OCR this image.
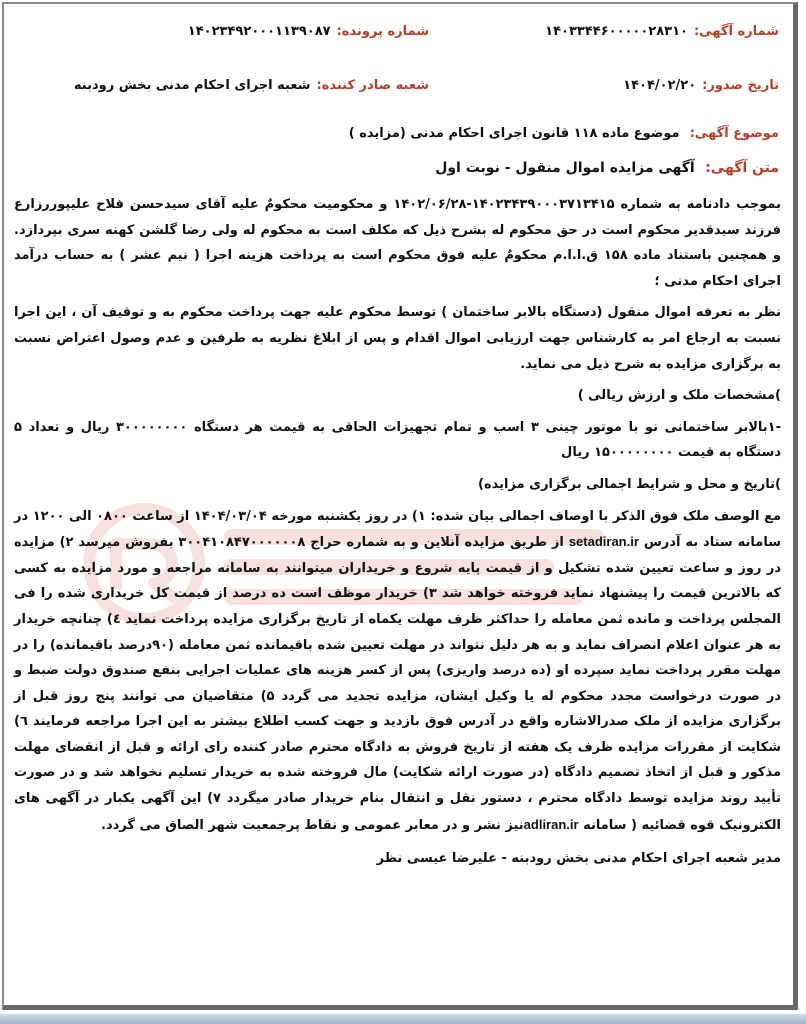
شماره آگهی:۱۴۰۳۳۴۴۶۰۰۰۰۰۲۸۳۱۰
شماره پرونده:۱۴۰۲۳۴۹۲۰۰۰۱۱۳۹۰۸۷
تاریخ صدور:۱۴۰۴/۰۲/۲۰
شعبه صادر کننده:شعبه اجرای احکام مدنی بخش رودبنه
موضوع آگهی: موضوع ماده ۱۱۸ قانون اجرای احکام مدنی (مزایده )
متن آگهی: آگهی مزایده اموال منقول - نوبت اول

بموجب دادنامه به شماره ۱۴۰۲۳۴۳۹۰۰۰۳۷۱۳۴۱۵-۱۴۰۲/۰۶/۲۸ و محکومیت محکومٌ علیه آقای سیدحسن فلاح علیپوررزارع فرزند سیدقدیر محکوم است در حق محکوم له بشرح ذیل که مکلف است به محکوم له ولی رضا گلشن کهنه سری بپردازد. و همچنین باستناد ماده ۱۵۸ ق.ا.ا.م محکومٌ علیه فوق محکوم است به پرداخت هزینه اجرا ( نیم عشر ) به حساب درآمد اجرای احکام مدنی ؛

نظر به تعرفه اموال منقول (دستگاه بالابر ساختمان ) توسط محکوم علیه جهت پرداخت محکوم به و توقیف آن ، این اجرا نسبت به ارجاع امر به کارشناس جهت ارزیابی اموال اقدام و پس از ابلاغ نظریه به طرفین و عدم وصول اعتراض نسبت به برگزاری مزایده به شرح ذیل می نماید.

)مشخصات ملک و ارزش ریالی )

-۱بالابر ساختمانی نو با موتور چینی ۳ اسب و تمام تجهیزات الحاقی به قیمت هر دستگاه ۳۰۰۰۰۰۰۰۰ ریال و تعداد ۵ دستگاه به قیمت ۱۵۰۰۰۰۰۰۰۰ ریال

)تاریخ و محل و شرایط اجمالی برگزاری مزایده)

مع الوصف ملک فوق الذکر با اوصاف اجمالی بیان شده: ۱) در روز یکشنبه مورخه ۱۴۰۴/۰۳/۰۴ از ساعت ۰۸۰۰ الی ۱۲۰۰ در سامانه ستاد به آدرس setadiran.ir از طریق مزایده آنلاین و به شماره حراج ۳۰۰۴۱۰۸۴۷۰۰۰۰۰۰۸ بفروش میرسد ۲) مزایده در روز و ساعت تعیین شده تشکیل و از قیمت پایه شروع و خریداران میتوانند به سامانه مراجعه و مورد مزایده به کسی که بالاترین قیمت را پیشنهاد نماید فروخته خواهد شد ۳) خریدار موظف است ده درصد از قیمت کل خریداری شده را فی المجلس پرداخت و مانده ثمن معامله را حداکثر ظرف مهلت یکماه از تاریخ برگزاری مزایده پرداخت نماید ٤) چنانچه خریدار به هر عنوان اعلام انصراف نماید و به هر دلیل نتواند در مهلت تعیین شده باقیمانده ثمن معامله (۹۰درصد باقیمانده) را در مهلت مقرر پرداخت نماید سپرده او (ده درصد واریزی) پس از کسر هزینه های عملیات اجرایی بنفع صندوق دولت ضبط و در صورت درخواست مجدد محکوم له یا وکیل ایشان، مزایده تجدید می گردد ۵) متقاضیان می توانند پنج روز قبل از برگزاری مزایده از ملک صدرالاشاره واقع در آدرس فوق بازدید و جهت کسب اطلاع بیشتر به این اجرا مراجعه فرمایند ٦) شکایت از مقررات مزایده ظرف یک هفته از تاریخ فروش به دادگاه محترم صادر کننده رای ارائه و قبل از انقضای مهلت مذکور و قبل از اتخاذ تصمیم دادگاه (در صورت ارائه شکایت) مال فروخته شده به خریدار تسلیم نخواهد شد و در صورت تأیید روند مزایده توسط دادگاه محترم ، دستور نقل و انتقال بنام خریدار صادر میگردد ۷) این آگهی یکبار در آگهی های الکترونیک قوه قضائیه ( سامانه adliran.irنیز نشر و در معابر عمومی و نقاط پرجمعیت شهر الصاق می گردد.

مدیر شعبه اجرای احکام مدنی بخش رودبنه - علیرضا عیسی نظر
